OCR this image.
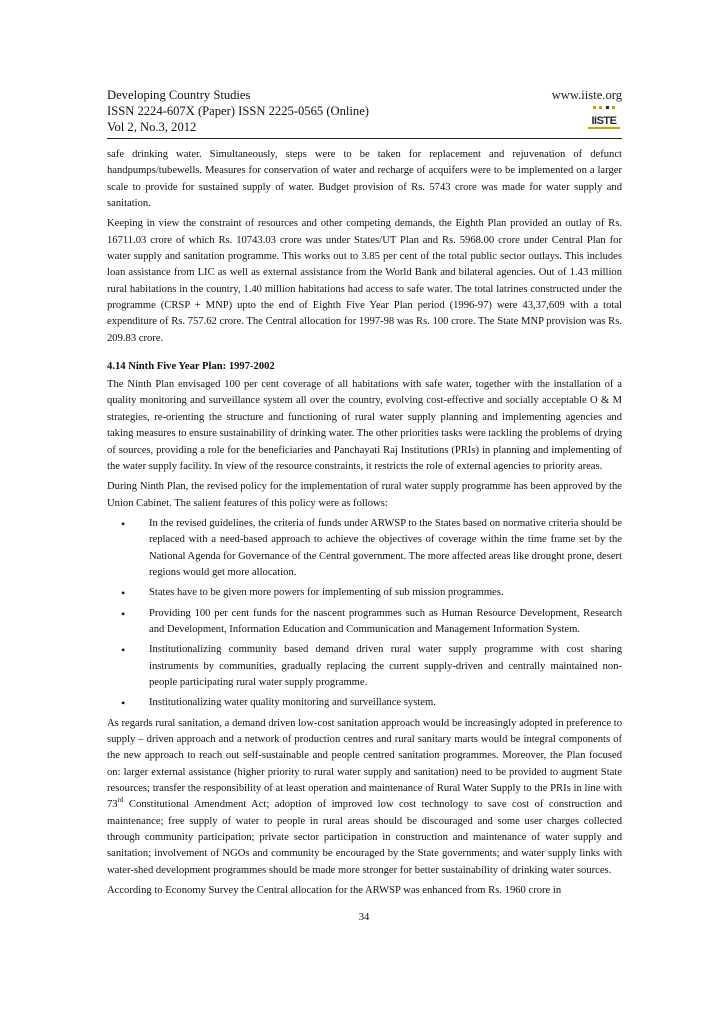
Developing Country Studies
ISSN 2224-607X (Paper) ISSN 2225-0565 (Online)
Vol 2, No.3, 2012
www.iiste.org
IISTE

safe drinking water. Simultaneously, steps were to be taken for replacement and rejuvenation of defunct handpumps/tubewells. Measures for conservation of water and recharge of acquifers were to be implemented on a larger scale to provide for sustained supply of water. Budget provision of Rs. 5743 crore was made for water supply and sanitation.

Keeping in view the constraint of resources and other competing demands, the Eighth Plan provided an outlay of Rs. 16711.03 crore of which Rs. 10743.03 crore was under States/UT Plan and Rs. 5968.00 crore under Central Plan for water supply and sanitation programme. This works out to 3.85 per cent of the total public sector outlays. This includes loan assistance from LIC as well as external assistance from the World Bank and bilateral agencies. Out of 1.43 million rural habitations in the country, 1.40 million habitations had access to safe water. The total latrines constructed under the programme (CRSP + MNP) upto the end of Eighth Five Year Plan period (1996-97) were 43,37,609 with a total expenditure of Rs. 757.62 crore. The Central allocation for 1997-98 was Rs. 100 crore. The State MNP provision was Rs. 209.83 crore.

4.14 Ninth Five Year Plan: 1997-2002

The Ninth Plan envisaged 100 per cent coverage of all habitations with safe water, together with the installation of a quality monitoring and surveillance system all over the country, evolving cost-effective and socially acceptable O & M strategies, re-orienting the structure and functioning of rural water supply planning and implementing agencies and taking measures to ensure sustainability of drinking water. The other priorities tasks were tackling the problems of drying of sources, providing a role for the beneficiaries and Panchayati Raj Institutions (PRIs) in planning and implementing of the water supply facility. In view of the resource constraints, it restricts the role of external agencies to priority areas.

During Ninth Plan, the revised policy for the implementation of rural water supply programme has been approved by the Union Cabinet. The salient features of this policy were as follows:

• In the revised guidelines, the criteria of funds under ARWSP to the States based on normative criteria should be replaced with a need-based approach to achieve the objectives of coverage within the time frame set by the National Agenda for Governance of the Central government. The more affected areas like drought prone, desert regions would get more allocation.
• States have to be given more powers for implementing of sub mission programmes.
• Providing 100 per cent funds for the nascent programmes such as Human Resource Development, Research and Development, Information Education and Communication and Management Information System.
• Institutionalizing community based demand driven rural water supply programme with cost sharing instruments by communities, gradually replacing the current supply-driven and centrally maintained non-people participating rural water supply programme.
• Institutionalizing water quality monitoring and surveillance system.

As regards rural sanitation, a demand driven low-cost sanitation approach would be increasingly adopted in preference to supply – driven approach and a network of production centres and rural sanitary marts would be integral components of the new approach to reach out self-sustainable and people centred sanitation programmes. Moreover, the Plan focused on: larger external assistance (higher priority to rural water supply and sanitation) need to be provided to augment State resources; transfer the responsibility of at least operation and maintenance of Rural Water Supply to the PRIs in line with 73rd Constitutional Amendment Act; adoption of improved low cost technology to save cost of construction and maintenance; free supply of water to people in rural areas should be discouraged and some user charges collected through community participation; private sector participation in construction and maintenance of water supply and sanitation; involvement of NGOs and community be encouraged by the State governments; and water supply links with water-shed development programmes should be made more stronger for better sustainability of drinking water sources.

According to Economy Survey the Central allocation for the ARWSP was enhanced from Rs. 1960 crore in

34
